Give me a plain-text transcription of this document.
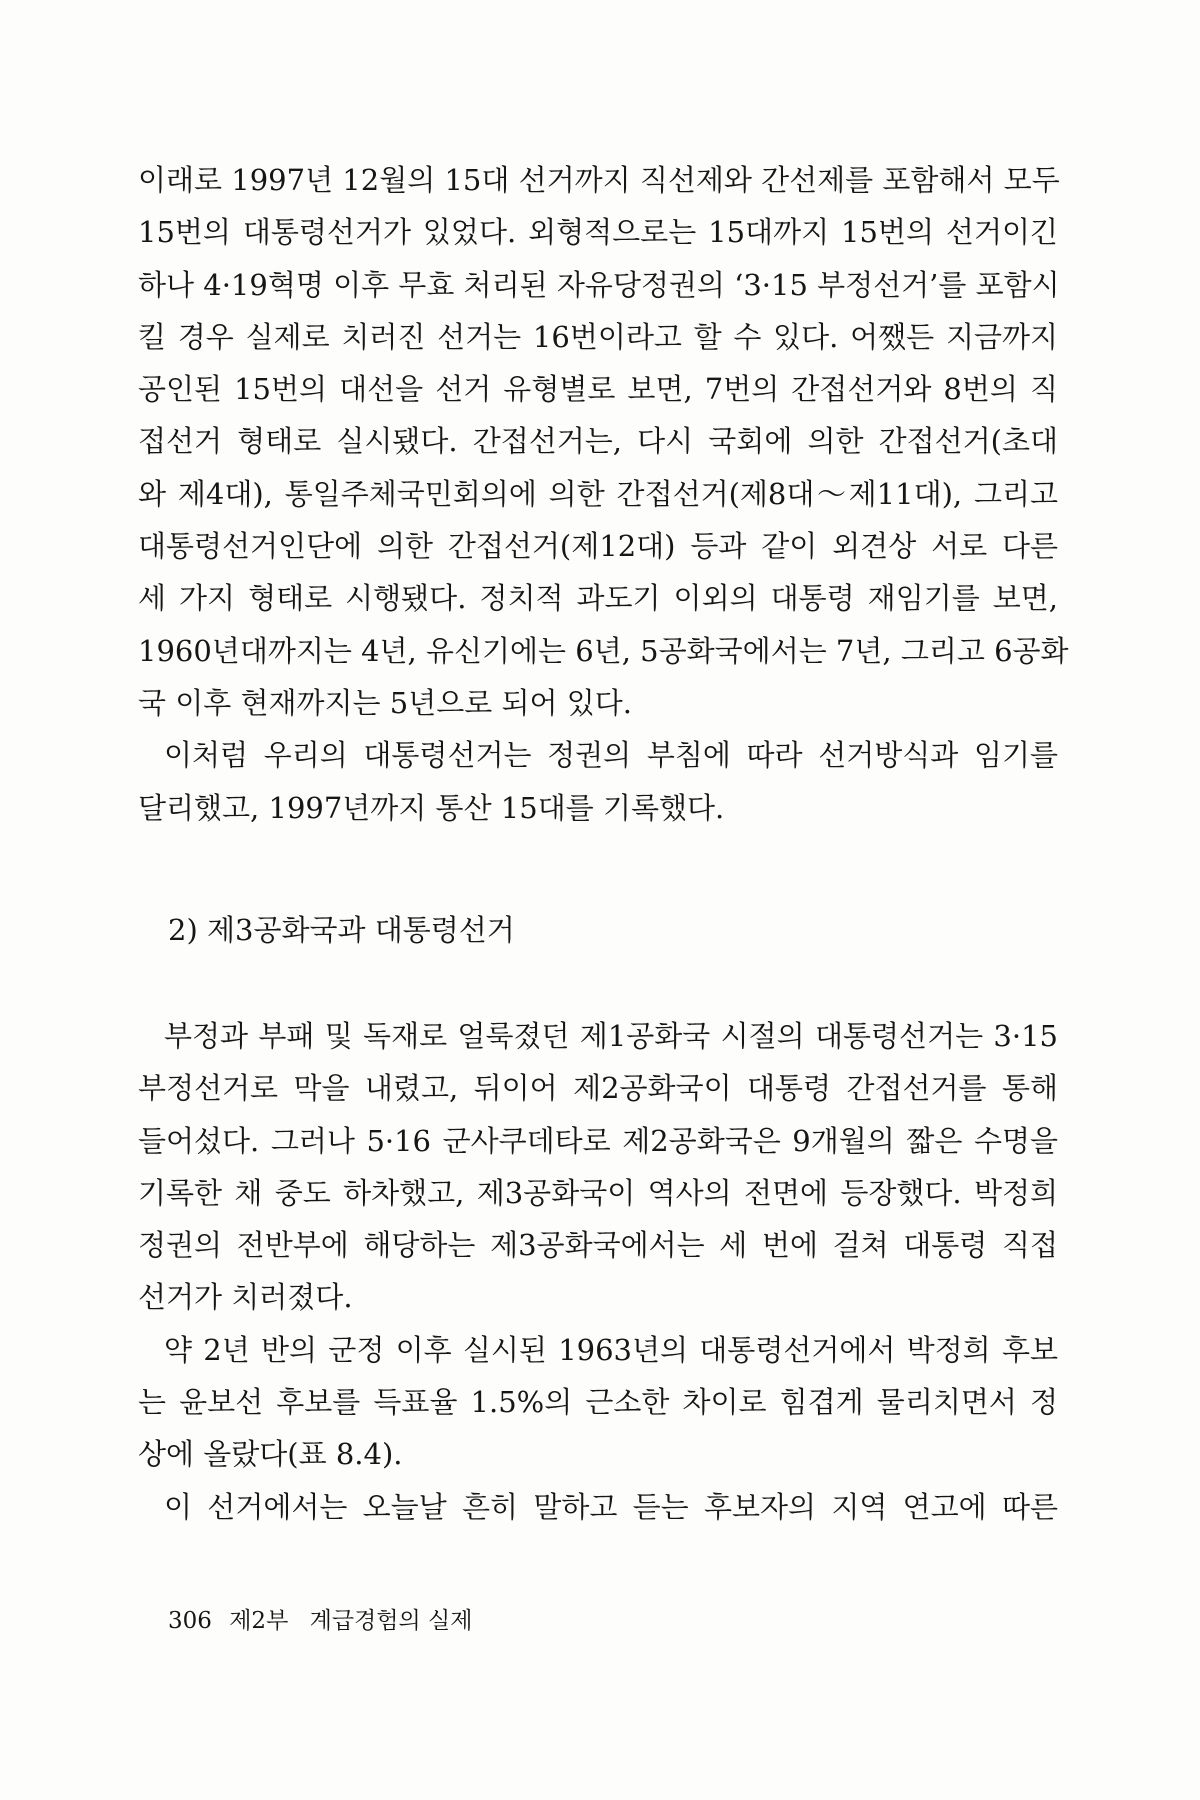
이래로 1997년 12월의 15대 선거까지 직선제와 간선제를 포함해서 모두
15번의 대통령선거가 있었다. 외형적으로는 15대까지 15번의 선거이긴
하나 4·19혁명 이후 무효 처리된 자유당정권의 ‘3·15 부정선거’를 포함시
킬 경우 실제로 치러진 선거는 16번이라고 할 수 있다. 어쨌든 지금까지
공인된 15번의 대선을 선거 유형별로 보면, 7번의 간접선거와 8번의 직
접선거 형태로 실시됐다. 간접선거는, 다시 국회에 의한 간접선거(초대
와 제4대), 통일주체국민회의에 의한 간접선거(제8대～제11대), 그리고
대통령선거인단에 의한 간접선거(제12대) 등과 같이 외견상 서로 다른
세 가지 형태로 시행됐다. 정치적 과도기 이외의 대통령 재임기를 보면,
1960년대까지는 4년, 유신기에는 6년, 5공화국에서는 7년, 그리고 6공화
국 이후 현재까지는 5년으로 되어 있다.
이처럼 우리의 대통령선거는 정권의 부침에 따라 선거방식과 임기를
달리했고, 1997년까지 통산 15대를 기록했다.
2) 제3공화국과 대통령선거
부정과 부패 및 독재로 얼룩졌던 제1공화국 시절의 대통령선거는 3·15
부정선거로 막을 내렸고, 뒤이어 제2공화국이 대통령 간접선거를 통해
들어섰다. 그러나 5·16 군사쿠데타로 제2공화국은 9개월의 짧은 수명을
기록한 채 중도 하차했고, 제3공화국이 역사의 전면에 등장했다. 박정희
정권의 전반부에 해당하는 제3공화국에서는 세 번에 걸쳐 대통령 직접
선거가 치러졌다.
약 2년 반의 군정 이후 실시된 1963년의 대통령선거에서 박정희 후보
는 윤보선 후보를 득표율 1.5%의 근소한 차이로 힘겹게 물리치면서 정
상에 올랐다(표 8.4).
이 선거에서는 오늘날 흔히 말하고 듣는 후보자의 지역 연고에 따른
306 제2부 계급경험의 실제
